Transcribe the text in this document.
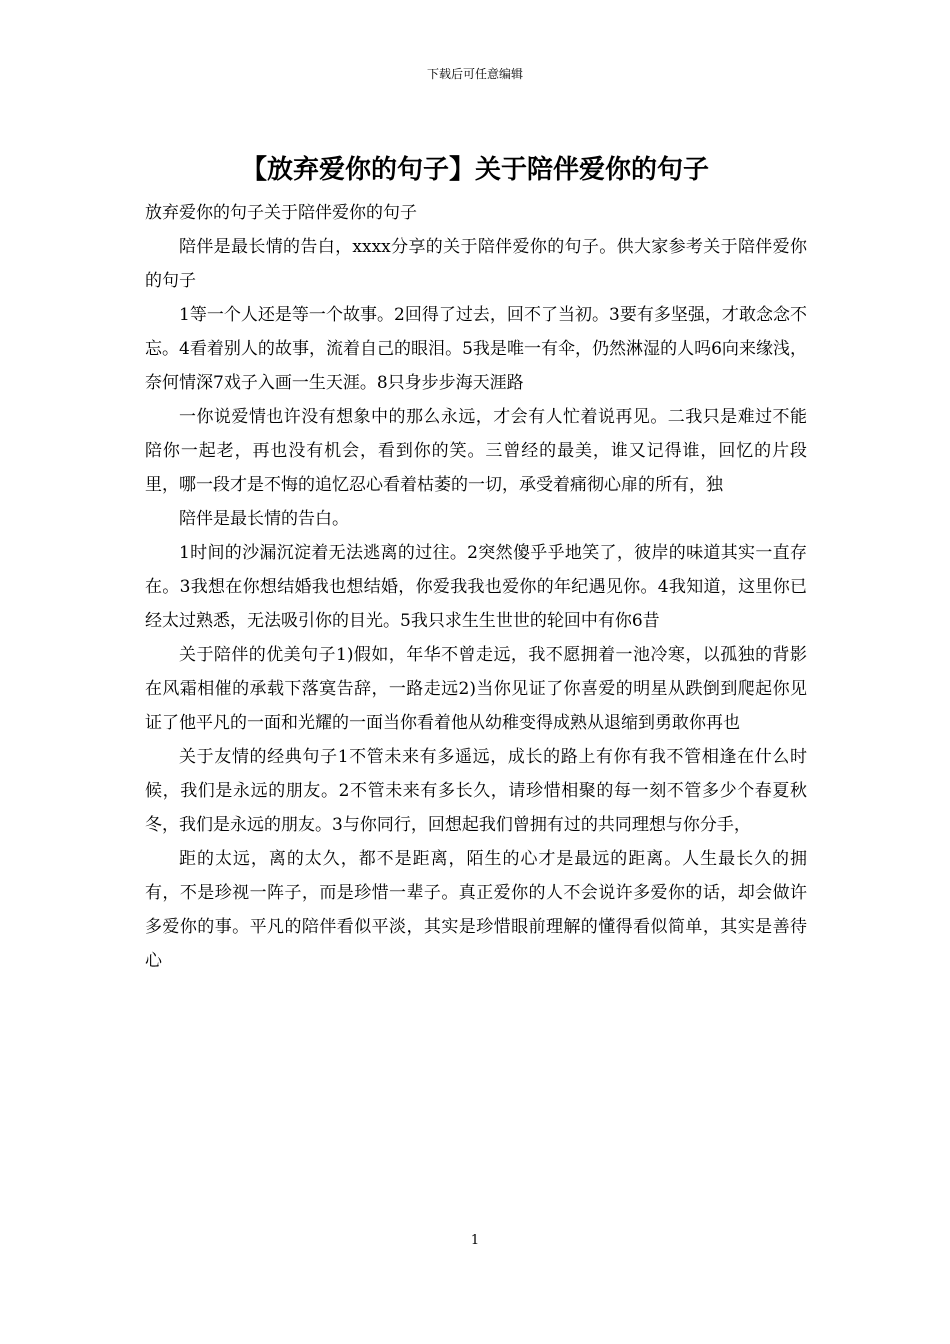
下载后可任意编辑
【放弃爱你的句子】关于陪伴爱你的句子

放弃爱你的句子关于陪伴爱你的句子

陪伴是最长情的告白，xxxx分享的关于陪伴爱你的句子。供大家参考关于陪伴爱你的句子

1等一个人还是等一个故事。2回得了过去，回不了当初。3要有多坚强，才敢念念不忘。4看着别人的故事，流着自己的眼泪。5我是唯一有伞，仍然淋湿的人吗6向来缘浅，奈何情深7戏子入画一生天涯。8只身步步海天涯路

一你说爱情也许没有想象中的那么永远，才会有人忙着说再见。二我只是难过不能陪你一起老，再也没有机会，看到你的笑。三曾经的最美，谁又记得谁，回忆的片段里，哪一段才是不悔的追忆忍心看着枯萎的一切，承受着痛彻心扉的所有，独

陪伴是最长情的告白。

1时间的沙漏沉淀着无法逃离的过往。2突然傻乎乎地笑了，彼岸的味道其实一直存在。3我想在你想结婚我也想结婚，你爱我我也爱你的年纪遇见你。4我知道，这里你已经太过熟悉，无法吸引你的目光。5我只求生生世世的轮回中有你6昔

关于陪伴的优美句子1)假如，年华不曾走远，我不愿拥着一池冷寒，以孤独的背影在风霜相催的承载下落寞告辞，一路走远2)当你见证了你喜爱的明星从跌倒到爬起你见证了他平凡的一面和光耀的一面当你看着他从幼稚变得成熟从退缩到勇敢你再也

关于友情的经典句子1不管未来有多遥远，成长的路上有你有我不管相逢在什么时候，我们是永远的朋友。2不管未来有多长久，请珍惜相聚的每一刻不管多少个春夏秋冬，我们是永远的朋友。3与你同行，回想起我们曾拥有过的共同理想与你分手，

距的太远，离的太久，都不是距离，陌生的心才是最远的距离。人生最长久的拥有，不是珍视一阵子，而是珍惜一辈子。真正爱你的人不会说许多爱你的话，却会做许多爱你的事。平凡的陪伴看似平淡，其实是珍惜眼前理解的懂得看似简单，其实是善待心

1
